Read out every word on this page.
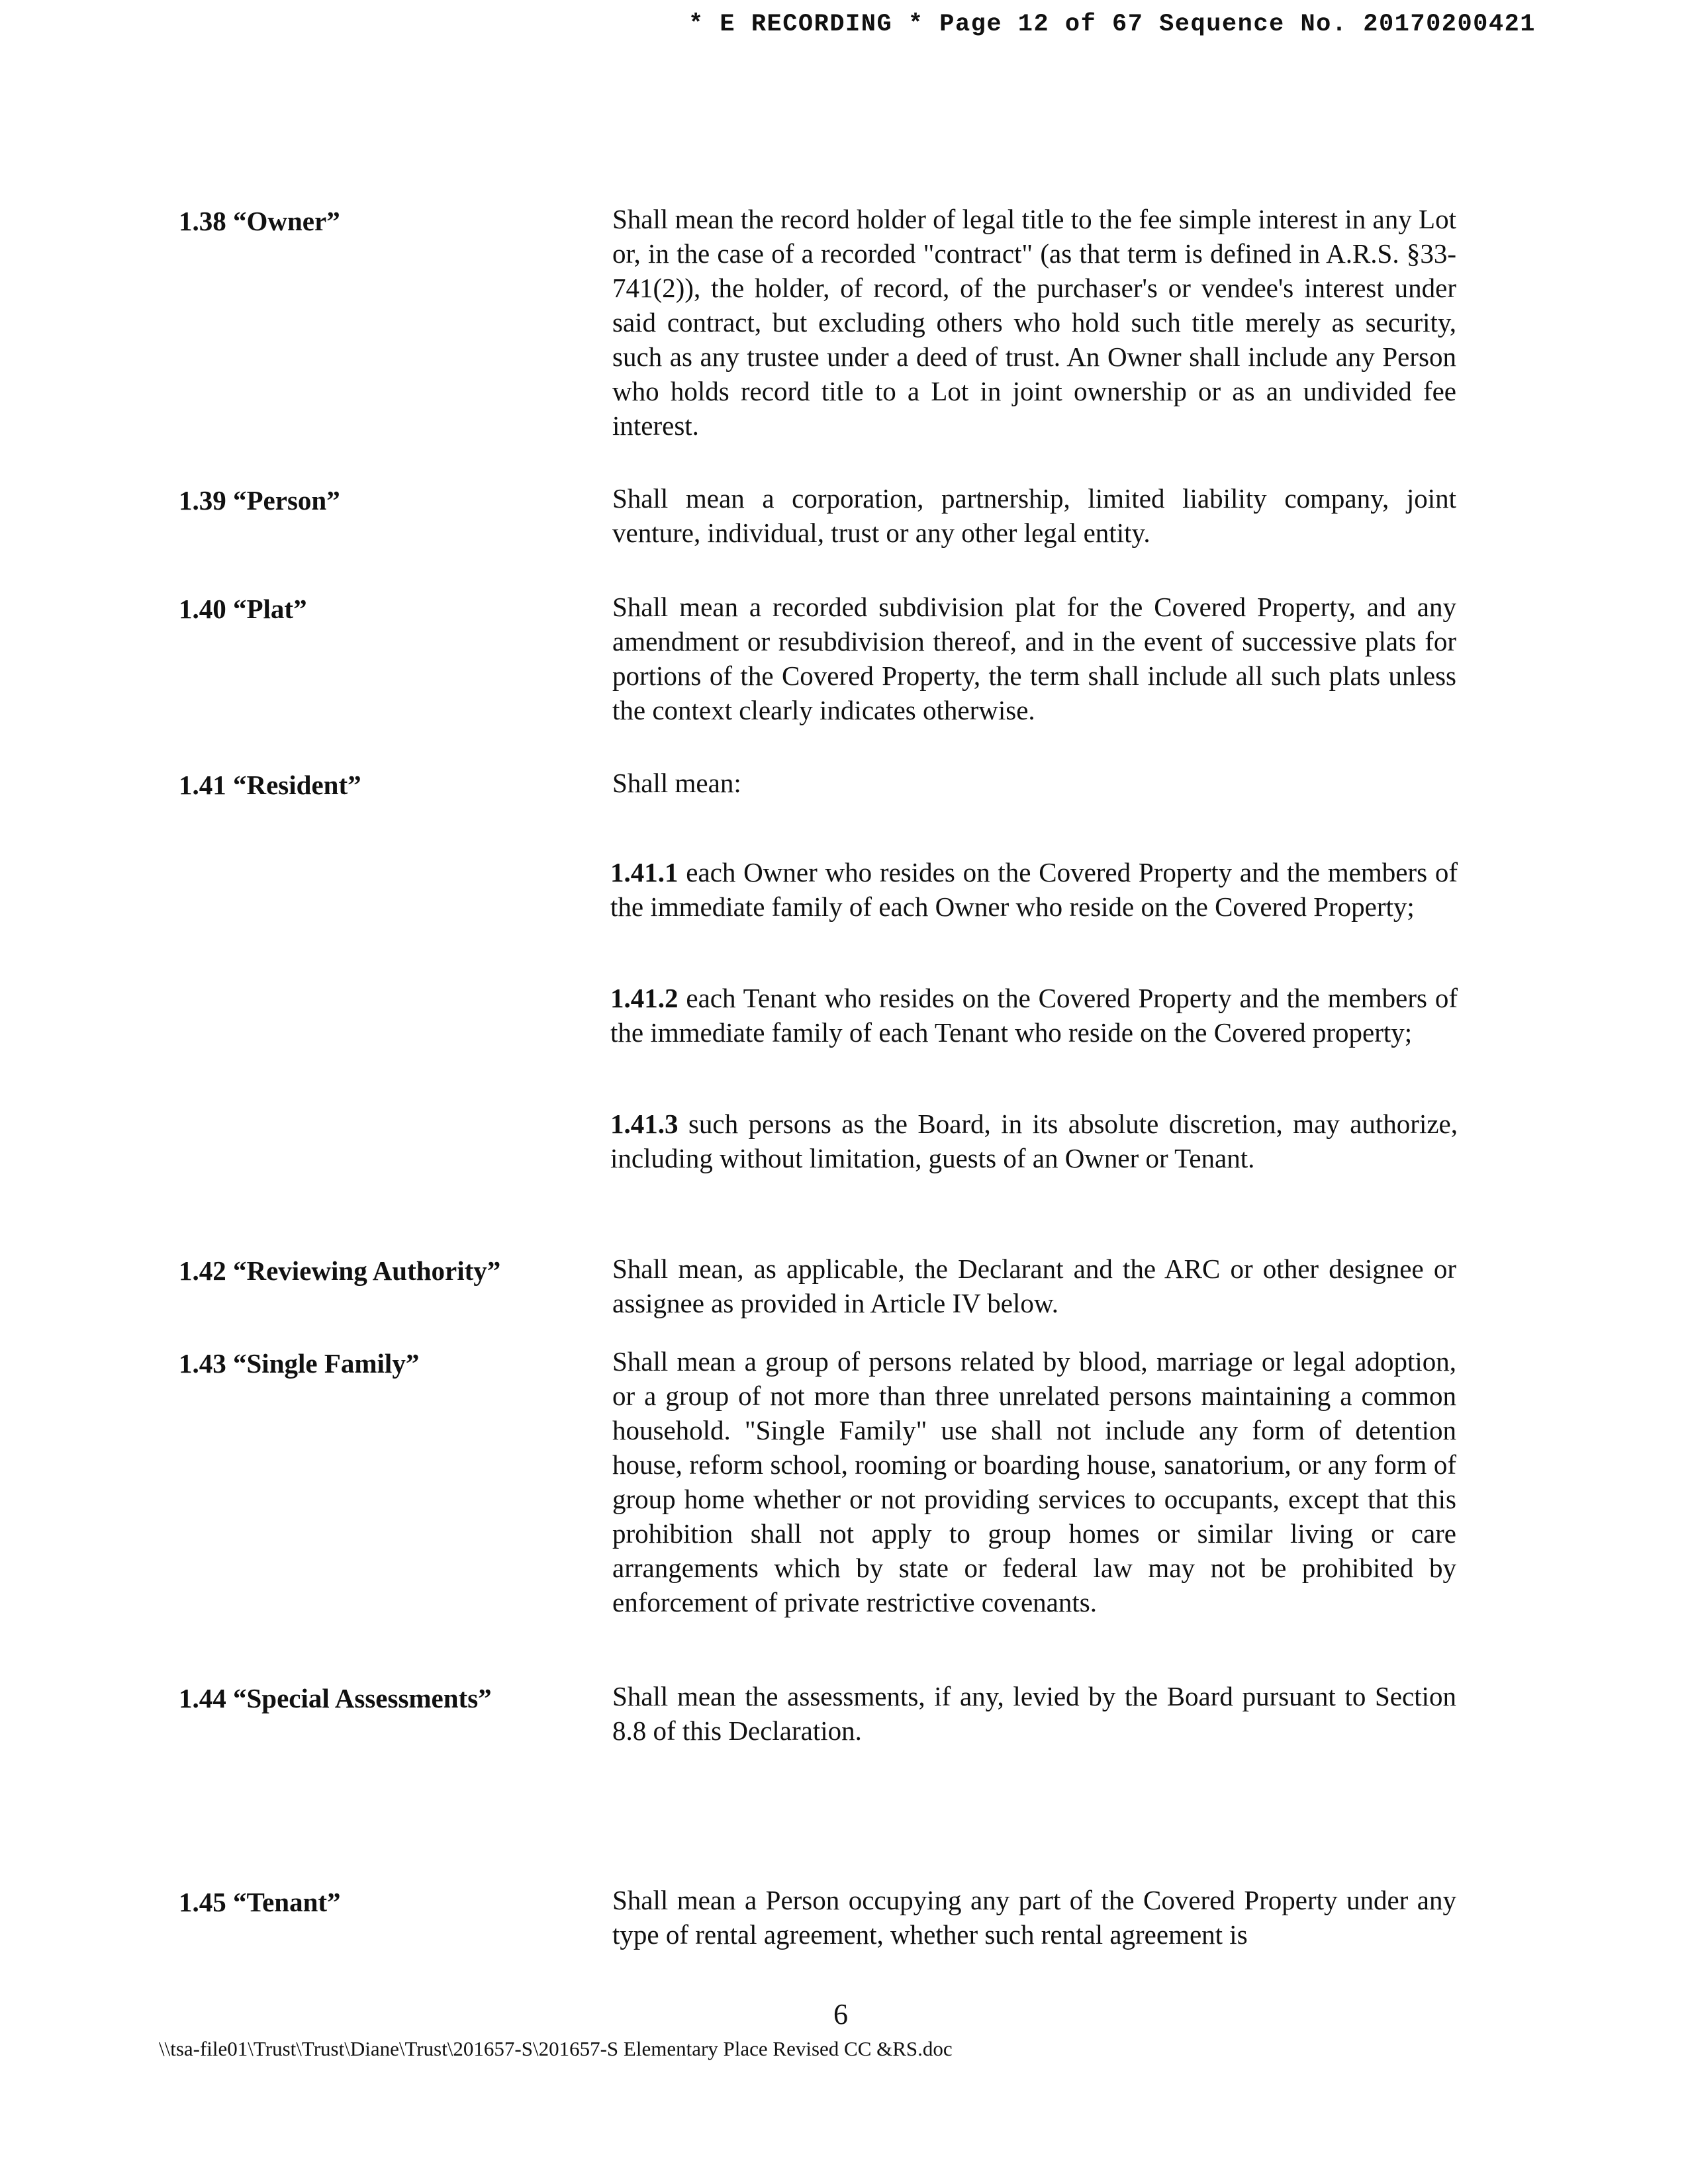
* E RECORDING * Page 12 of 67 Sequence No. 20170200421

1.38 “Owner”	Shall mean the record holder of legal title to the fee simple interest in any Lot or, in the case of a recorded "contract" (as that term is defined in A.R.S. §33-741(2)), the holder, of record, of the purchaser's or vendee's interest under said contract, but excluding others who hold such title merely as security, such as any trustee under a deed of trust. An Owner shall include any Person who holds record title to a Lot in joint ownership or as an undivided fee interest.

1.39 “Person”	Shall mean a corporation, partnership, limited liability company, joint venture, individual, trust or any other legal entity.

1.40 “Plat”	Shall mean a recorded subdivision plat for the Covered Property, and any amendment or resubdivision thereof, and in the event of successive plats for portions of the Covered Property, the term shall include all such plats unless the context clearly indicates otherwise.

1.41 “Resident”	Shall mean:

1.41.1 each Owner who resides on the Covered Property and the members of the immediate family of each Owner who reside on the Covered Property;

1.41.2 each Tenant who resides on the Covered Property and the members of the immediate family of each Tenant who reside on the Covered property;

1.41.3 such persons as the Board, in its absolute discretion, may authorize, including without limitation, guests of an Owner or Tenant.

1.42 “Reviewing Authority”	Shall mean, as applicable, the Declarant and the ARC or other designee or assignee as provided in Article IV below.

1.43 “Single Family”	Shall mean a group of persons related by blood, marriage or legal adoption, or a group of not more than three unrelated persons maintaining a common household. "Single Family" use shall not include any form of detention house, reform school, rooming or boarding house, sanatorium, or any form of group home whether or not providing services to occupants, except that this prohibition shall not apply to group homes or similar living or care arrangements which by state or federal law may not be prohibited by enforcement of private restrictive covenants.

1.44 “Special Assessments”	Shall mean the assessments, if any, levied by the Board pursuant to Section 8.8 of this Declaration.

1.45 “Tenant”	Shall mean a Person occupying any part of the Covered Property under any type of rental agreement, whether such rental agreement is

6
\\tsa-file01\Trust\Trust\Diane\Trust\201657-S\201657-S Elementary Place Revised CC &RS.doc
